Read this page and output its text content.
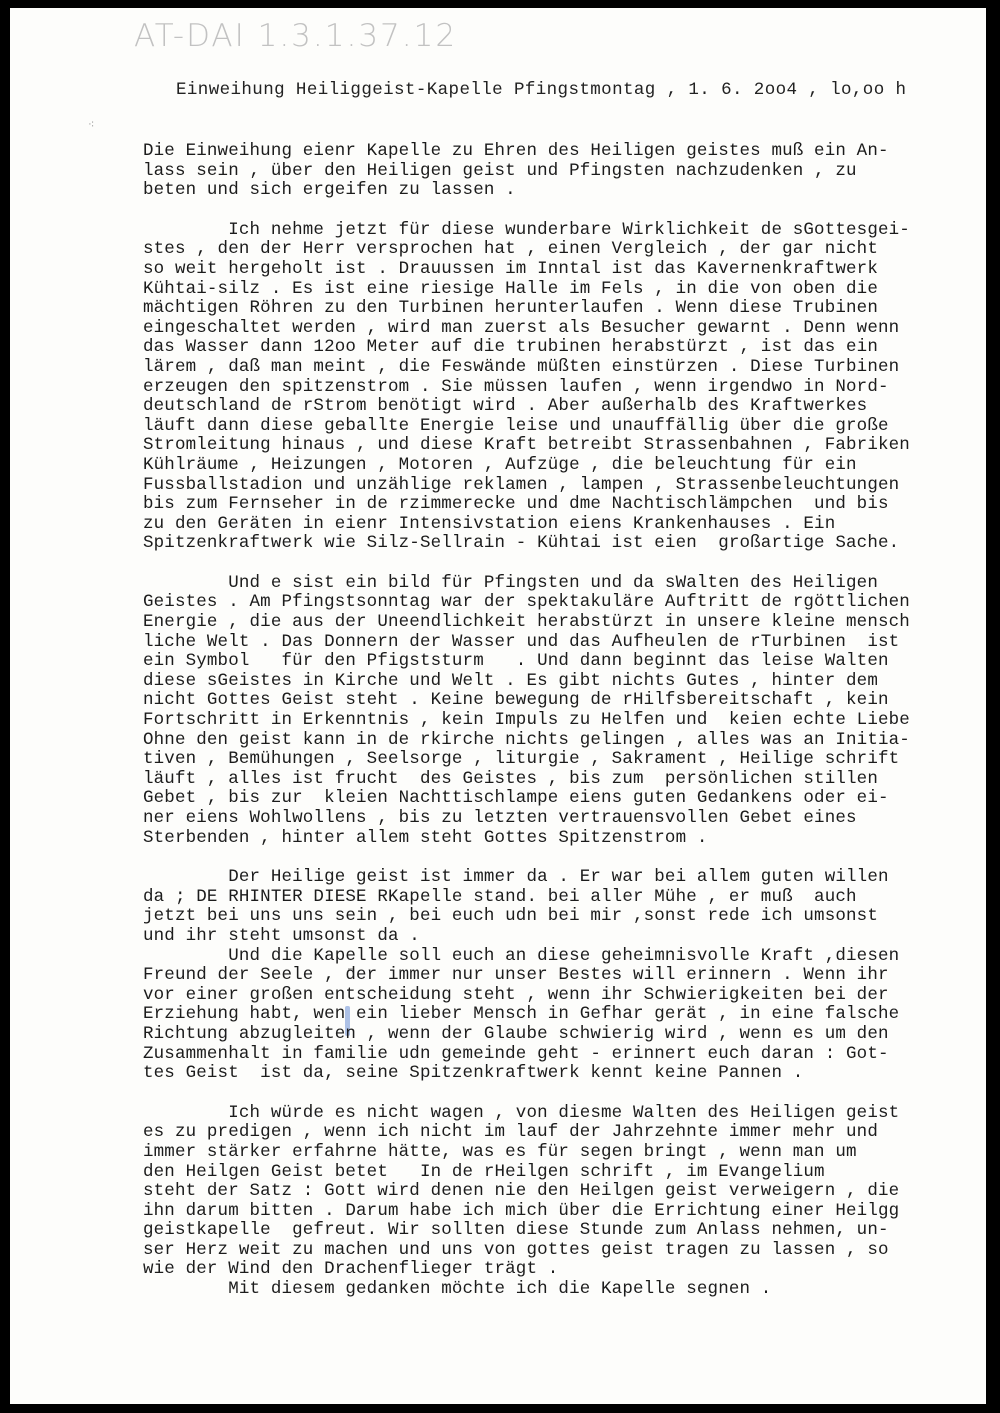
AT-DAI 1.3.1.37.12
Einweihung Heiliggeist-Kapelle Pfingstmontag , 1. 6. 2oo4 , lo,oo h
⁖
Die Einweihung eienr Kapelle zu Ehren des Heiligen geistes muß ein An-
lass sein , über den Heiligen geist und Pfingsten nachzudenken , zu
beten und sich ergeifen zu lassen .
Ich nehme jetzt für diese wunderbare Wirklichkeit de sGottesgei-
stes , den der Herr versprochen hat , einen Vergleich , der gar nicht
so weit hergeholt ist . Drauussen im Inntal ist das Kavernenkraftwerk
Kühtai-silz . Es ist eine riesige Halle im Fels , in die von oben die
mächtigen Röhren zu den Turbinen herunterlaufen . Wenn diese Trubinen
eingeschaltet werden , wird man zuerst als Besucher gewarnt . Denn wenn
das Wasser dann 12oo Meter auf die trubinen herabstürzt , ist das ein
lärem , daß man meint , die Feswände müßten einstürzen . Diese Turbinen
erzeugen den spitzenstrom . Sie müssen laufen , wenn irgendwo in Nord-
deutschland de rStrom benötigt wird . Aber außerhalb des Kraftwerkes
läuft dann diese geballte Energie leise und unauffällig über die große
Stromleitung hinaus , und diese Kraft betreibt Strassenbahnen , Fabriken
Kühlräume , Heizungen , Motoren , Aufzüge , die beleuchtung für ein
Fussballstadion und unzählige reklamen , lampen , Strassenbeleuchtungen
bis zum Fernseher in de rzimmerecke und dme Nachtischlämpchen  und bis
zu den Geräten in eienr Intensivstation eiens Krankenhauses . Ein
Spitzenkraftwerk wie Silz-Sellrain - Kühtai ist eien  großartige Sache.
Und e sist ein bild für Pfingsten und da sWalten des Heiligen
Geistes . Am Pfingstsonntag war der spektakuläre Auftritt de rgöttlichen
Energie , die aus der Uneendlichkeit herabstürzt in unsere kleine mensch
liche Welt . Das Donnern der Wasser und das Aufheulen de rTurbinen  ist
ein Symbol   für den Pfigststurm   . Und dann beginnt das leise Walten
diese sGeistes in Kirche und Welt . Es gibt nichts Gutes , hinter dem
nicht Gottes Geist steht . Keine bewegung de rHilfsbereitschaft , kein
Fortschritt in Erkenntnis , kein Impuls zu Helfen und  keien echte Liebe
Ohne den geist kann in de rkirche nichts gelingen , alles was an Initia-
tiven , Bemühungen , Seelsorge , liturgie , Sakrament , Heilige schrift
läuft , alles ist frucht  des Geistes , bis zum  persönlichen stillen
Gebet , bis zur  kleien Nachttischlampe eiens guten Gedankens oder ei-
ner eiens Wohlwollens , bis zu letzten vertrauensvollen Gebet eines
Sterbenden , hinter allem steht Gottes Spitzenstrom .
Der Heilige geist ist immer da . Er war bei allem guten willen
da ; DE RHINTER DIESE RKapelle stand. bei aller Mühe , er muß  auch
jetzt bei uns uns sein , bei euch udn bei mir ,sonst rede ich umsonst
und ihr steht umsonst da .
Und die Kapelle soll euch an diese geheimnisvolle Kraft ,diesen
Freund der Seele , der immer nur unser Bestes will erinnern . Wenn ihr
vor einer großen entscheidung steht , wenn ihr Schwierigkeiten bei der
Erziehung habt, wen ein lieber Mensch in Gefhar gerät , in eine falsche
Richtung abzugleiten , wenn der Glaube schwierig wird , wenn es um den
Zusammenhalt in familie udn gemeinde geht - erinnert euch daran : Got-
tes Geist  ist da, seine Spitzenkraftwerk kennt keine Pannen .
Ich würde es nicht wagen , von diesme Walten des Heiligen geist
es zu predigen , wenn ich nicht im lauf der Jahrzehnte immer mehr und
immer stärker erfahrne hätte, was es für segen bringt , wenn man um
den Heilgen Geist betet   In de rHeilgen schrift , im Evangelium
steht der Satz : Gott wird denen nie den Heilgen geist verweigern , die
ihn darum bitten . Darum habe ich mich über die Errichtung einer Heilgg
geistkapelle  gefreut. Wir sollten diese Stunde zum Anlass nehmen, un-
ser Herz weit zu machen und uns von gottes geist tragen zu lassen , so
wie der Wind den Drachenflieger trägt .
Mit diesem gedanken möchte ich die Kapelle segnen .
